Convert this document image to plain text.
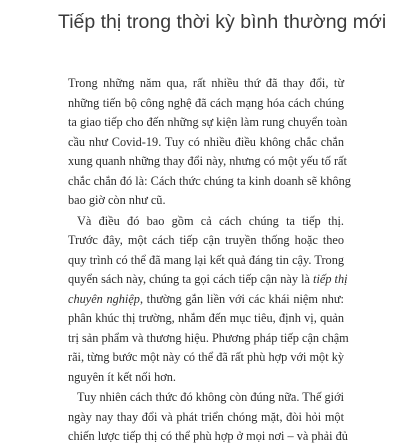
Tiếp thị trong thời kỳ bình thường mới
Trong những năm qua, rất nhiều thứ đã thay đổi, từ
những tiến bộ công nghệ đã cách mạng hóa cách chúng
ta giao tiếp cho đến những sự kiện làm rung chuyển toàn
cầu như Covid-19. Tuy có nhiều điều không chắc chắn
xung quanh những thay đổi này, nhưng có một yếu tố rất
chắc chắn đó là: Cách thức chúng ta kinh doanh sẽ không
bao giờ còn như cũ.
Và điều đó bao gồm cả cách chúng ta tiếp thị.
Trước đây, một cách tiếp cận truyền thống hoặc theo
quy trình có thể đã mang lại kết quả đáng tin cậy. Trong
quyển sách này, chúng ta gọi cách tiếp cận này là tiếp thị
chuyên nghiệp, thường gắn liền với các khái niệm như:
phân khúc thị trường, nhắm đến mục tiêu, định vị, quản
trị sản phẩm và thương hiệu. Phương pháp tiếp cận chậm
rãi, từng bước một này có thể đã rất phù hợp với một kỳ
nguyên ít kết nối hơn.
Tuy nhiên cách thức đó không còn đúng nữa. Thế giới
ngày nay thay đổi và phát triển chóng mặt, đòi hỏi một
chiến lược tiếp thị có thể phù hợp ở mọi nơi – và phải đủ
